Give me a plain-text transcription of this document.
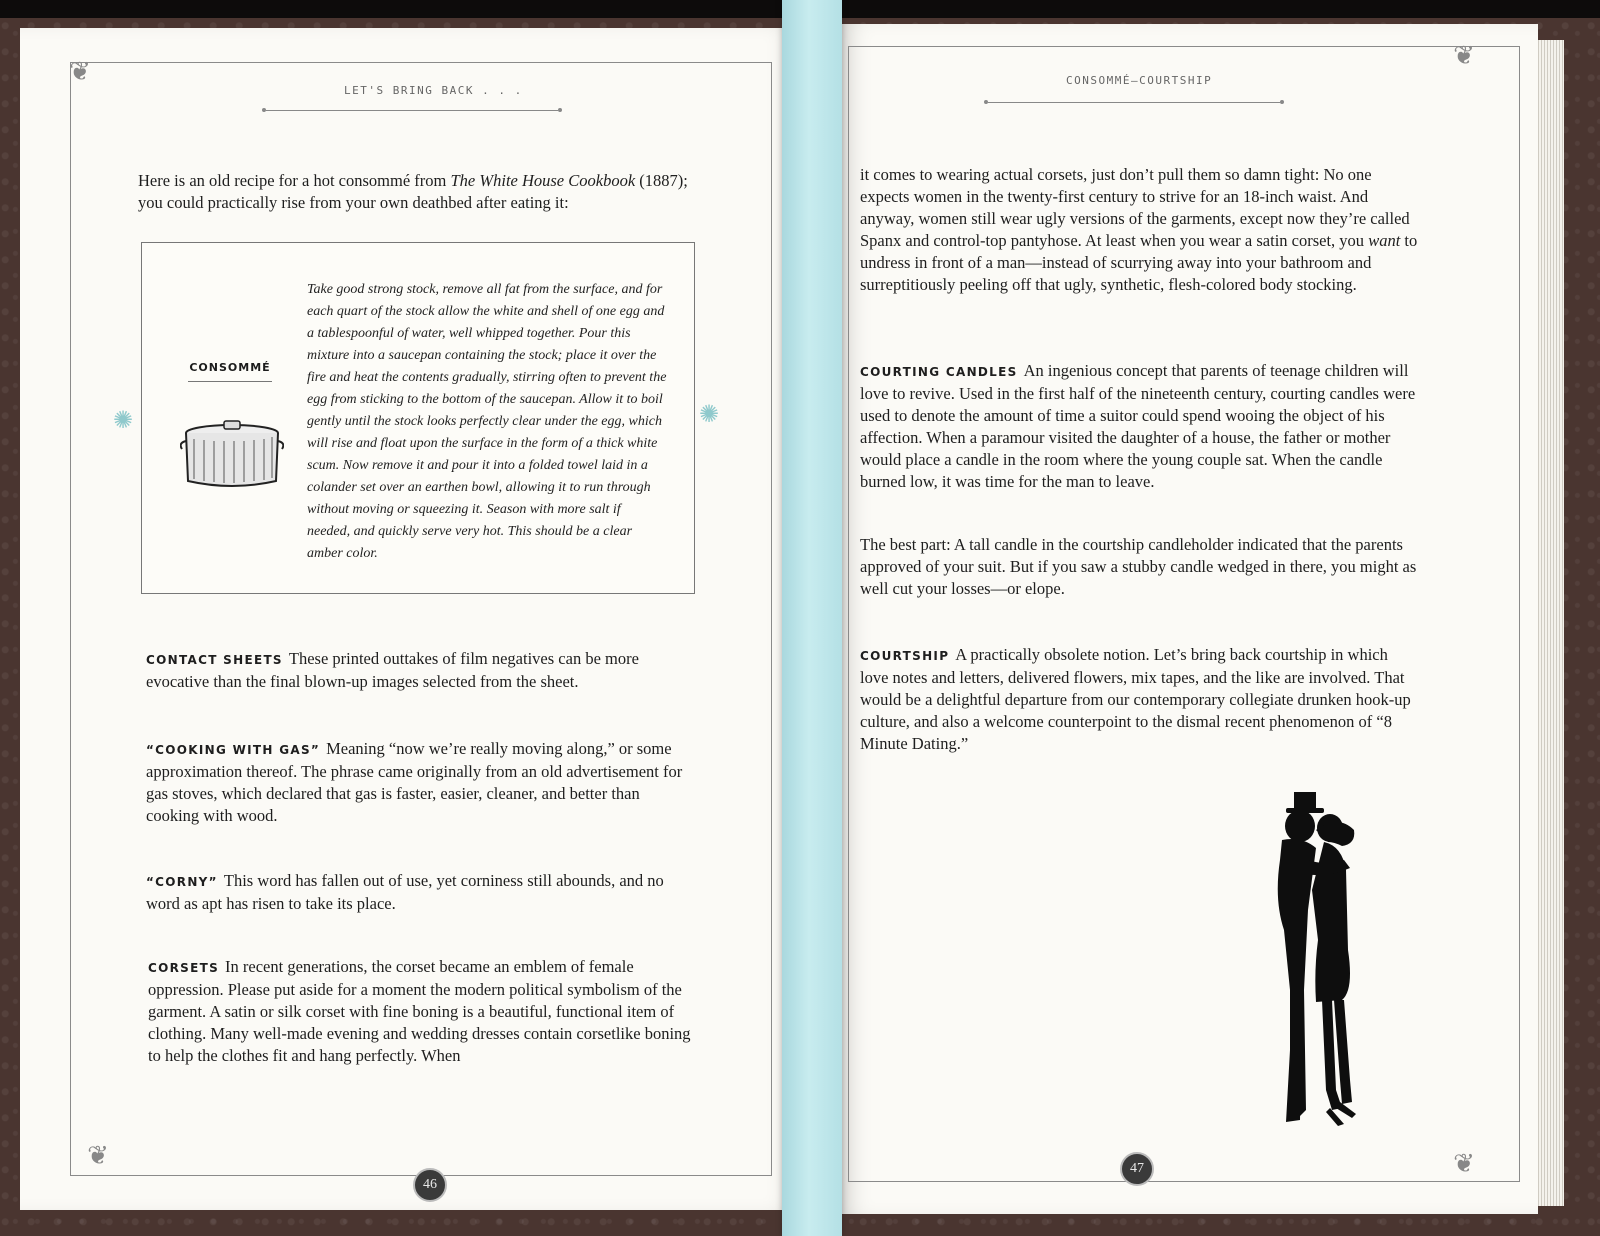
❦
❦
LET'S BRING BACK . . .

Here is an old recipe for a hot consommé from The White House Cookbook (1887); you could practically rise from your own deathbed after eating it:

✺	✺
CONSOMMÉ
Take good strong stock, remove all fat from the surface, and for each quart of the stock allow the white and shell of one egg and a tablespoonful of water, well whipped together. Pour this mixture into a saucepan containing the stock; place it over the fire and heat the contents gradually, stirring often to prevent the egg from sticking to the bottom of the saucepan. Allow it to boil gently until the stock looks perfectly clear under the egg, which will rise and float upon the surface in the form of a thick white scum. Now remove it and pour it into a folded towel laid in a colander set over an earthen bowl, allowing it to run through without moving or squeezing it. Season with more salt if needed, and quickly serve very hot. This should be a clear amber color.

CONTACT SHEETS These printed outtakes of film negatives can be more evocative than the final blown-up images selected from the sheet.

“COOKING WITH GAS” Meaning “now we’re really moving along,” or some approximation thereof. The phrase came originally from an old advertisement for gas stoves, which declared that gas is faster, easier, cleaner, and better than cooking with wood.

“CORNY” This word has fallen out of use, yet corniness still abounds, and no word as apt has risen to take its place.

CORSETS In recent generations, the corset became an emblem of female oppression. Please put aside for a moment the modern political symbolism of the garment. A satin or silk corset with fine boning is a beautiful, functional item of clothing. Many well-made evening and wedding dresses contain corsetlike boning to help the clothes fit and hang perfectly. When

46
❦
❦
CONSOMMÉ–COURTSHIP

it comes to wearing actual corsets, just don’t pull them so damn tight: No one expects women in the twenty-first century to strive for an 18-inch waist. And anyway, women still wear ugly versions of the garments, except now they’re called Spanx and control-top pantyhose. At least when you wear a satin corset, you want to undress in front of a man—instead of scurrying away into your bathroom and surreptitiously peeling off that ugly, synthetic, flesh-colored body stocking.

COURTING CANDLES An ingenious concept that parents of teenage children will love to revive. Used in the first half of the nineteenth century, courting candles were used to denote the amount of time a suitor could spend wooing the object of his affection. When a paramour visited the daughter of a house, the father or mother would place a candle in the room where the young couple sat. When the candle burned low, it was time for the man to leave.

The best part: A tall candle in the courtship candleholder indicated that the parents approved of your suit. But if you saw a stubby candle wedged in there, you might as well cut your losses—or elope.

COURTSHIP A practically obsolete notion. Let’s bring back courtship in which love notes and letters, delivered flowers, mix tapes, and the like are involved. That would be a delightful departure from our contemporary collegiate drunken hook-up culture, and also a welcome counterpoint to the dismal recent phenomenon of “8 Minute Dating.”

47
